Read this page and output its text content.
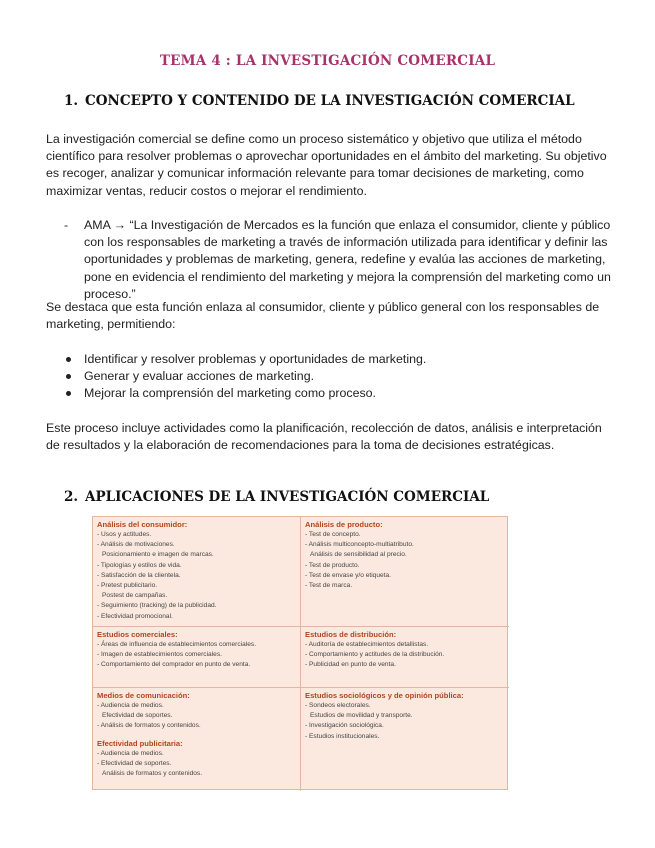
TEMA 4 : LA INVESTIGACIÓN COMERCIAL
1. CONCEPTO Y CONTENIDO DE LA INVESTIGACIÓN COMERCIAL

La investigación comercial se define como un proceso sistemático y objetivo que utiliza el método científico para resolver problemas o aprovechar oportunidades en el ámbito del marketing. Su objetivo es recoger, analizar y comunicar información relevante para tomar decisiones de marketing, como maximizar ventas, reducir costos o mejorar el rendimiento.

- AMA → “La Investigación de Mercados es la función que enlaza el consumidor, cliente y público con los responsables de marketing a través de información utilizada para identificar y definir las oportunidades y problemas de marketing, genera, redefine y evalúa las acciones de marketing, pone en evidencia el rendimiento del marketing y mejora la comprensión del marketing como un proceso.”

Se destaca que esta función enlaza al consumidor, cliente y público general con los responsables de marketing, permitiendo:

Identificar y resolver problemas y oportunidades de marketing.
Generar y evaluar acciones de marketing.
Mejorar la comprensión del marketing como proceso.

Este proceso incluye actividades como la planificación, recolección de datos, análisis e interpretación de resultados y la elaboración de recomendaciones para la toma de decisiones estratégicas.

2. APLICACIONES DE LA INVESTIGACIÓN COMERCIAL
Análisis del consumidor:
- Usos y actitudes.
- Análisis de motivaciones.
Posicionamiento e imagen de marcas.
- Tipologías y estilos de vida.
- Satisfacción de la clientela.
- Pretest publicitario.
Postest de campañas.
- Seguimiento (tracking) de la publicidad.
- Efectividad promocional.
Análisis de producto:
- Test de concepto.
- Análisis multiconcepto-multiatributo.
Análisis de sensibilidad al precio.
- Test de producto.
- Test de envase y/o etiqueta.
- Test de marca.
Estudios comerciales:
- Áreas de influencia de establecimientos comerciales.
- Imagen de establecimientos comerciales.
- Comportamiento del comprador en punto de venta.
Estudios de distribución:
- Auditoría de establecimientos detallistas.
- Comportamiento y actitudes de la distribución.
- Publicidad en punto de venta.
Medios de comunicación:
- Audiencia de medios.
Efectividad de soportes.
- Análisis de formatos y contenidos.
Efectividad publicitaria:
- Audiencia de medios.
- Efectividad de soportes.
Análisis de formatos y contenidos.
Estudios sociológicos y de opinión pública:
- Sondeos electorales.
Estudios de movilidad y transporte.
- Investigación sociológica.
- Estudios institucionales.
